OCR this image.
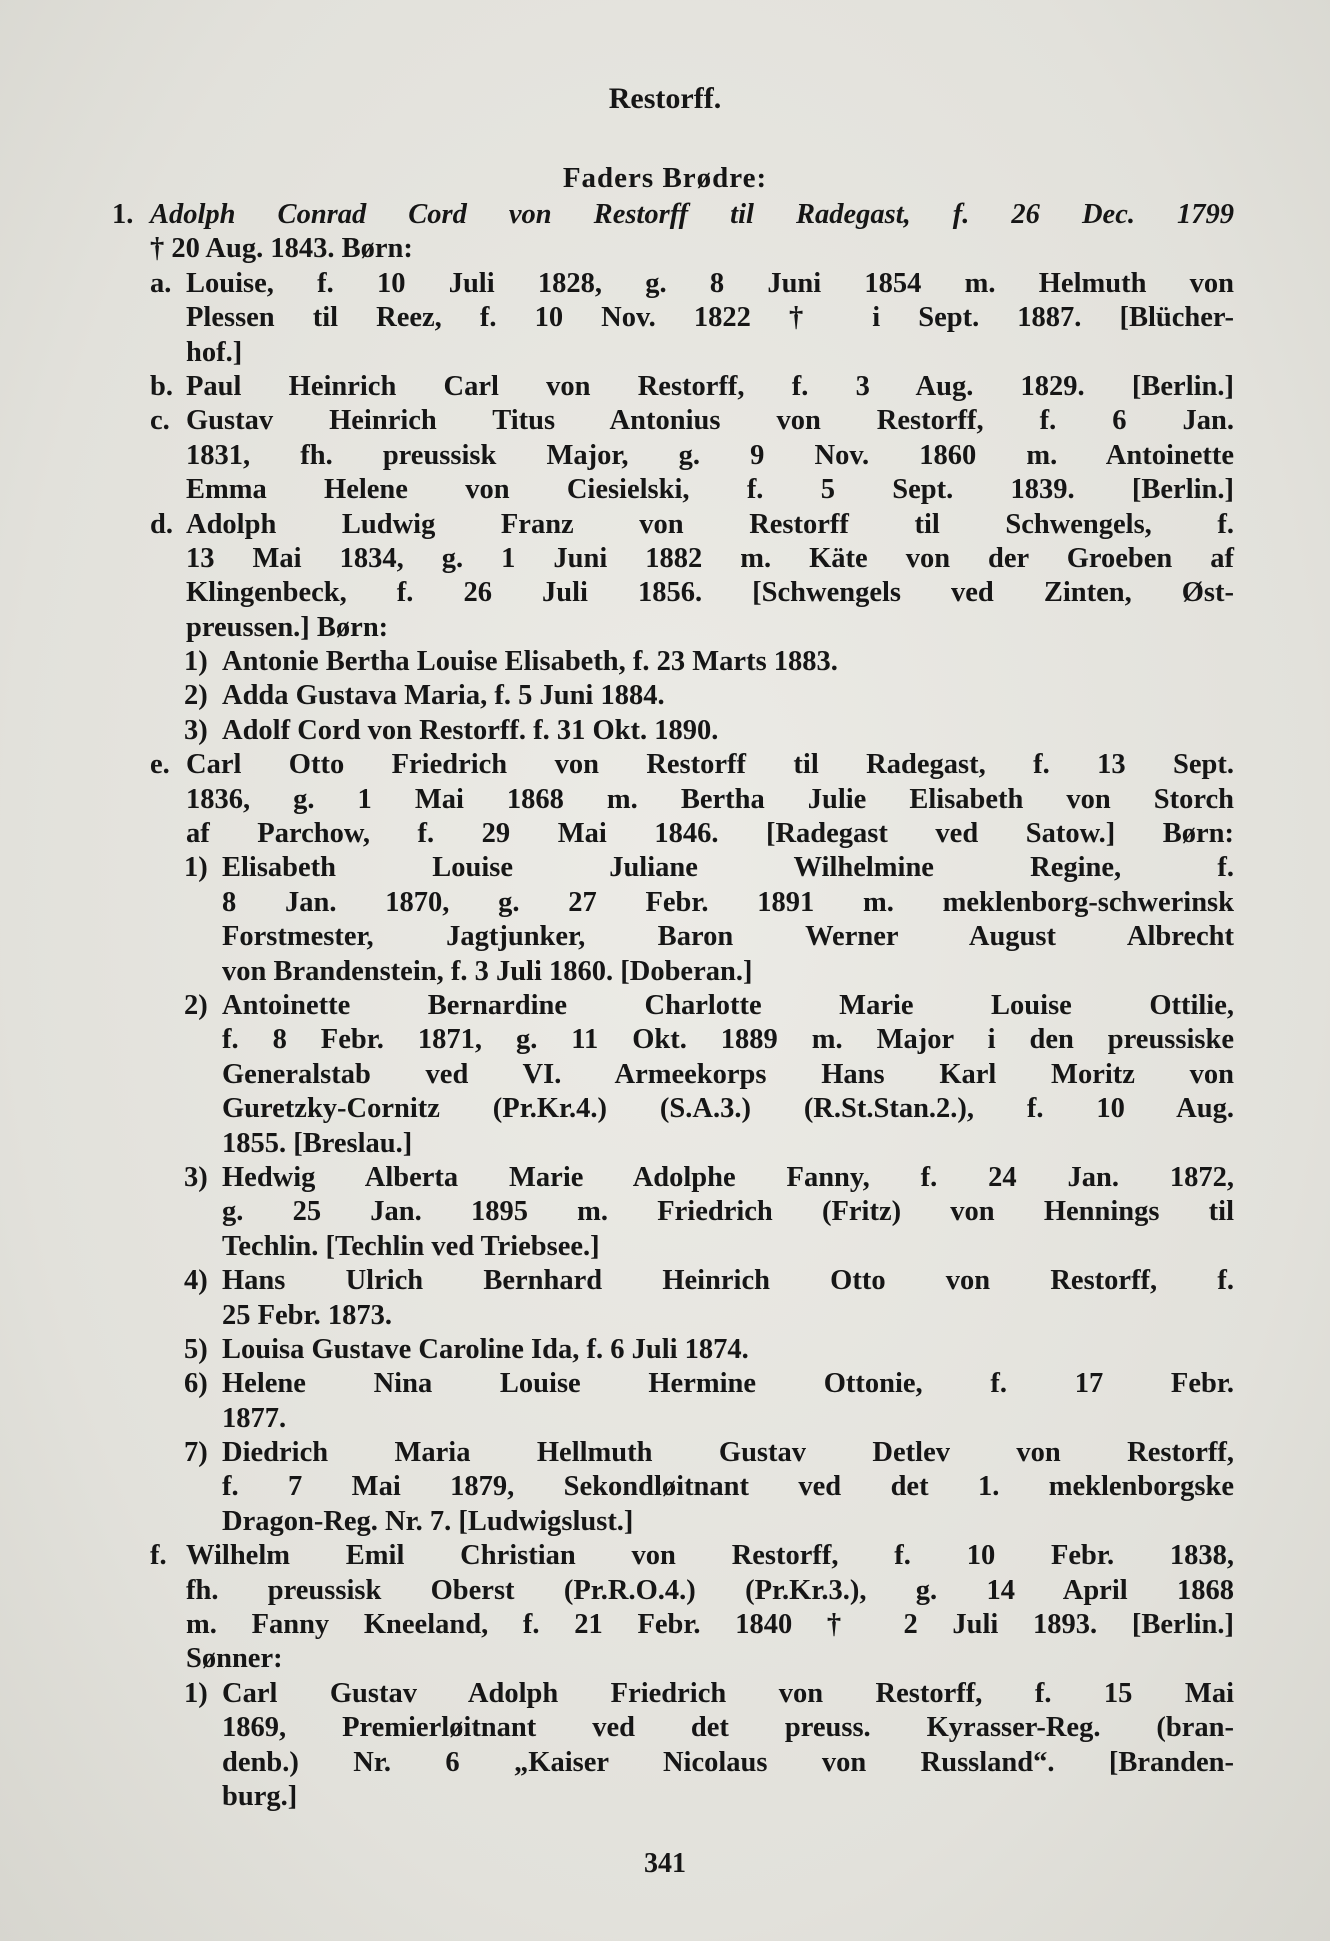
Restorff.
Faders Brødre:
1. Adolph Conrad Cord von Restorff til Radegast, f. 26 Dec. 1799
† 20 Aug. 1843. Børn:
a. Louise, f. 10 Juli 1828, g. 8 Juni 1854 m. Helmuth von
Plessen til Reez, f. 10 Nov. 1822 † i Sept. 1887. [Blücher-
hof.]
b. Paul Heinrich Carl von Restorff, f. 3 Aug. 1829. [Berlin.]
c. Gustav Heinrich Titus Antonius von Restorff, f. 6 Jan.
1831, fh. preussisk Major, g. 9 Nov. 1860 m. Antoinette
Emma Helene von Ciesielski, f. 5 Sept. 1839. [Berlin.]
d. Adolph Ludwig Franz von Restorff til Schwengels, f.
13 Mai 1834, g. 1 Juni 1882 m. Käte von der Groeben af
Klingenbeck, f. 26 Juli 1856. [Schwengels ved Zinten, Øst-
preussen.] Børn:
1) Antonie Bertha Louise Elisabeth, f. 23 Marts 1883.
2) Adda Gustava Maria, f. 5 Juni 1884.
3) Adolf Cord von Restorff. f. 31 Okt. 1890.
e. Carl Otto Friedrich von Restorff til Radegast, f. 13 Sept.
1836, g. 1 Mai 1868 m. Bertha Julie Elisabeth von Storch
af Parchow, f. 29 Mai 1846. [Radegast ved Satow.] Børn:
1) Elisabeth Louise Juliane Wilhelmine Regine, f.
8 Jan. 1870, g. 27 Febr. 1891 m. meklenborg-schwerinsk
Forstmester, Jagtjunker, Baron Werner August Albrecht
von Brandenstein, f. 3 Juli 1860. [Doberan.]
2) Antoinette Bernardine Charlotte Marie Louise Ottilie,
f. 8 Febr. 1871, g. 11 Okt. 1889 m. Major i den preussiske
Generalstab ved VI. Armeekorps Hans Karl Moritz von
Guretzky-Cornitz (Pr.Kr.4.) (S.A.3.) (R.St.Stan.2.), f. 10 Aug.
1855. [Breslau.]
3) Hedwig Alberta Marie Adolphe Fanny, f. 24 Jan. 1872,
g. 25 Jan. 1895 m. Friedrich (Fritz) von Hennings til
Techlin. [Techlin ved Triebsee.]
4) Hans Ulrich Bernhard Heinrich Otto von Restorff, f.
25 Febr. 1873.
5) Louisa Gustave Caroline Ida, f. 6 Juli 1874.
6) Helene Nina Louise Hermine Ottonie, f. 17 Febr.
1877.
7) Diedrich Maria Hellmuth Gustav Detlev von Restorff,
f. 7 Mai 1879, Sekondløitnant ved det 1. meklenborgske
Dragon-Reg. Nr. 7. [Ludwigslust.]
f. Wilhelm Emil Christian von Restorff, f. 10 Febr. 1838,
fh. preussisk Oberst (Pr.R.O.4.) (Pr.Kr.3.), g. 14 April 1868
m. Fanny Kneeland, f. 21 Febr. 1840 † 2 Juli 1893. [Berlin.]
Sønner:
1) Carl Gustav Adolph Friedrich von Restorff, f. 15 Mai
1869, Premierløitnant ved det preuss. Kyrasser-Reg. (bran-
denb.) Nr. 6 „Kaiser Nicolaus von Russland“. [Branden-
burg.]
341
